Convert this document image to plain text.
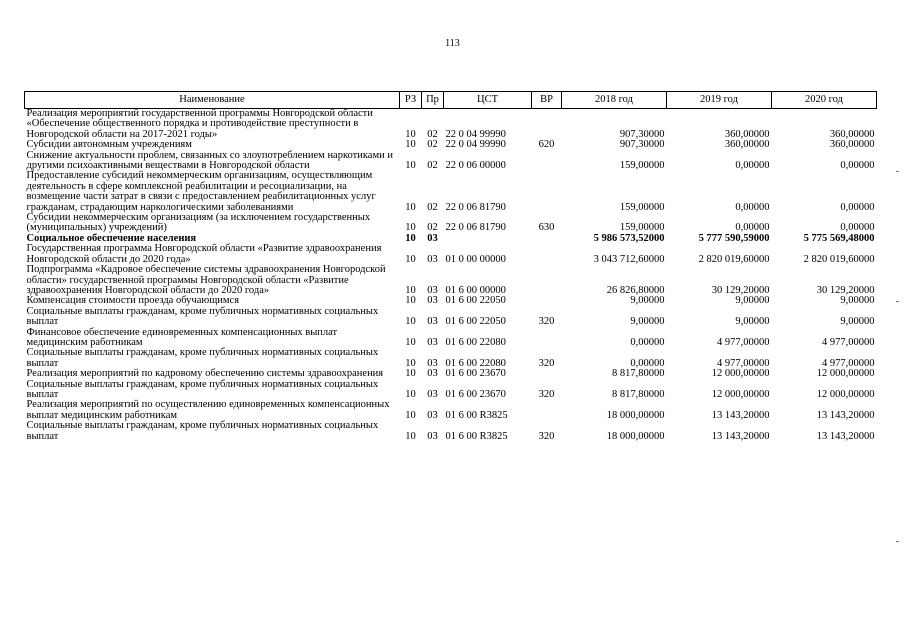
113
Наименование	РЗ	Пр	ЦСТ	ВР	2018 год	2019 год	2020 год
Реализация мероприятий государственной программы Новгородской области «Обеспечение общественного порядка и противодействие преступности в Новгородской области на 2017-2021 годы»	10	02	22 0 04 99990		907,30000	360,00000	360,00000
Субсидии автономным учреждениям	10	02	22 0 04 99990	620	907,30000	360,00000	360,00000
Снижение актуальности проблем, связанных со злоупотреблением наркотиками и другими психоактивными веществами в Новгородской области	10	02	22 0 06 00000		159,00000	0,00000	0,00000
Предоставление субсидий некоммерческим организациям, осуществляющим деятельность в сфере комплексной реабилитации и ресоциализации, на возмещение части затрат в связи с предоставлением реабилитационных услуг гражданам, страдающим наркологическими заболеваниями	10	02	22 0 06 81790		159,00000	0,00000	0,00000
Субсидии некоммерческим организациям (за исключением государственных (муниципальных) учреждений)	10	02	22 0 06 81790	630	159,00000	0,00000	0,00000
Социальное обеспечение населения	10	03			5 986 573,52000	5 777 590,59000	5 775 569,48000
Государственная программа Новгородской области «Развитие здравоохранения Новгородской области до 2020 года»	10	03	01 0 00 00000		3 043 712,60000	2 820 019,60000	2 820 019,60000
Подпрограмма «Кадровое обеспечение системы здравоохранения Новгородской области» государственной программы Новгородской области «Развитие здравоохранения Новгородской области до 2020 года»	10	03	01 6 00 00000		26 826,80000	30 129,20000	30 129,20000
Компенсация стоимости проезда обучающимся	10	03	01 6 00 22050		9,00000	9,00000	9,00000
Социальные выплаты гражданам, кроме публичных нормативных социальных выплат	10	03	01 6 00 22050	320	9,00000	9,00000	9,00000
Финансовое обеспечение единовременных компенсационных выплат медицинским работникам	10	03	01 6 00 22080		0,00000	4 977,00000	4 977,00000
Социальные выплаты гражданам, кроме публичных нормативных социальных выплат	10	03	01 6 00 22080	320	0,00000	4 977,00000	4 977,00000
Реализация мероприятий по кадровому обеспечению системы здравоохранения	10	03	01 6 00 23670		8 817,80000	12 000,00000	12 000,00000
Социальные выплаты гражданам, кроме публичных нормативных социальных выплат	10	03	01 6 00 23670	320	8 817,80000	12 000,00000	12 000,00000
Реализация мероприятий по осуществлению единовременных компенсационных выплат медицинским работникам	10	03	01 6 00 R3825		18 000,00000	13 143,20000	13 143,20000
Социальные выплаты гражданам, кроме публичных нормативных социальных выплат	10	03	01 6 00 R3825	320	18 000,00000	13 143,20000	13 143,20000
